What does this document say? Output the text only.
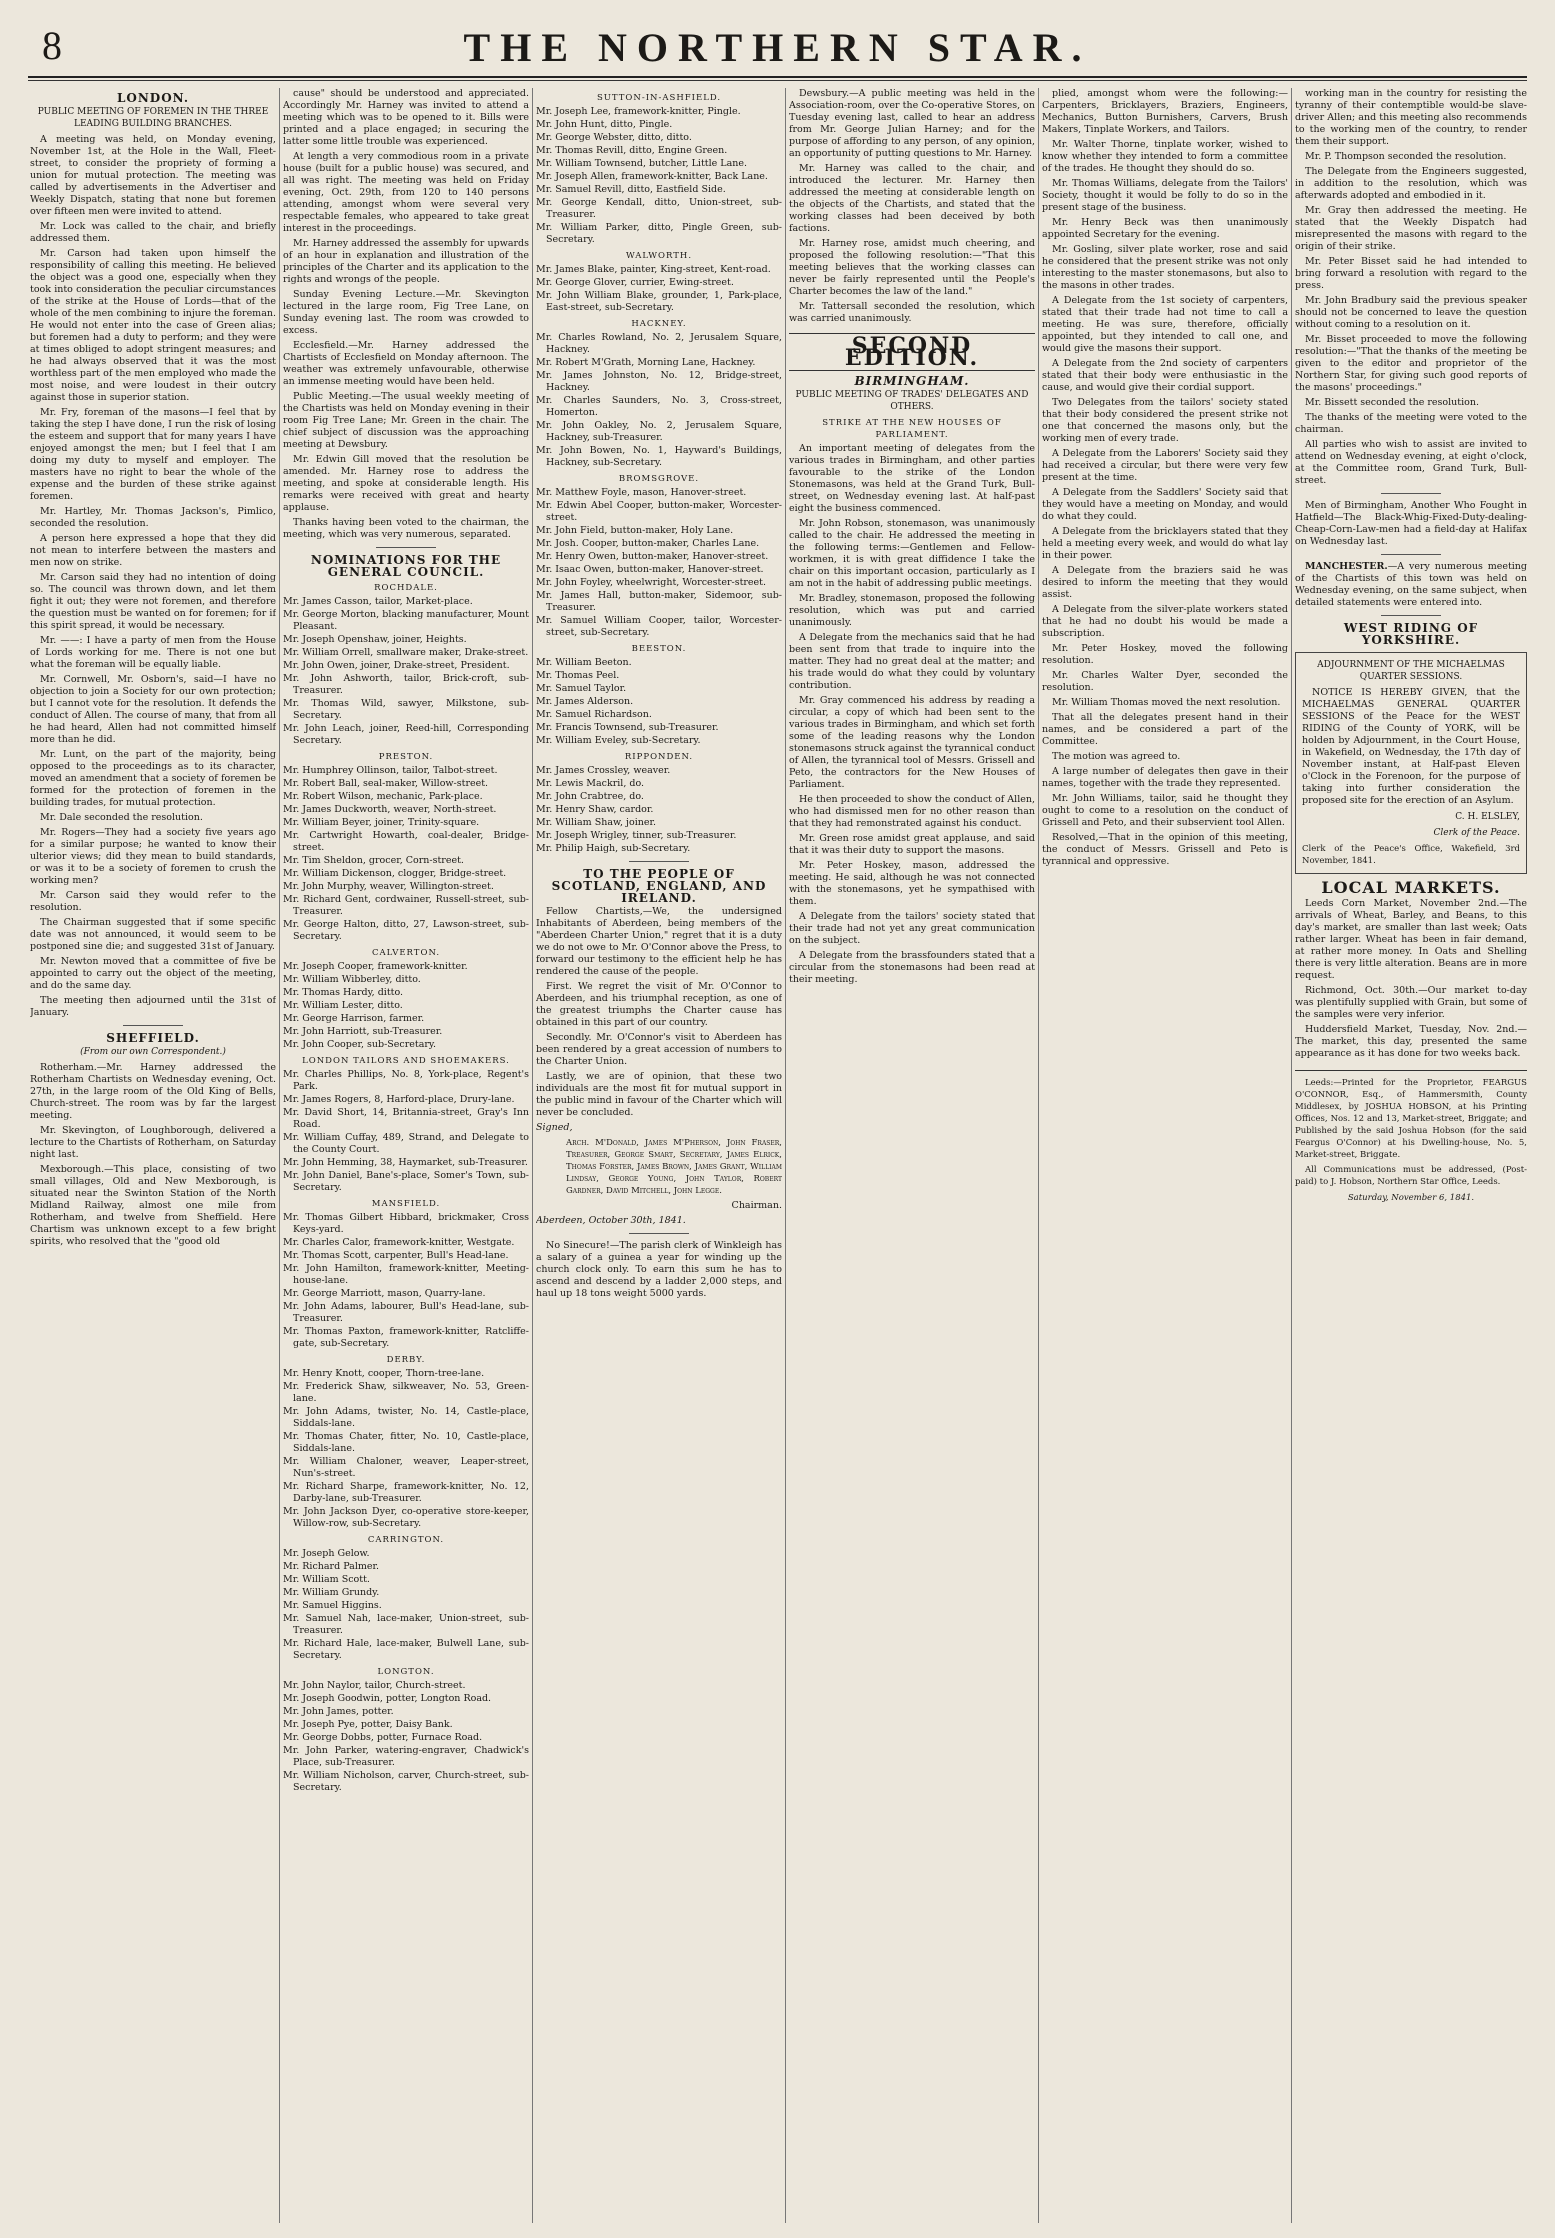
8	THE NORTHERN STAR.
LONDON.
PUBLIC MEETING OF FOREMEN IN THE THREE LEADING BUILDING BRANCHES.

A meeting was held, on Monday evening, November 1st, at the Hole in the Wall, Fleet-street, to consider the propriety of forming a union for mutual protection. The meeting was called by advertisements in the Advertiser and Weekly Dispatch, stating that none but foremen over fifteen men were invited to attend.

Mr. Lock was called to the chair, and briefly addressed them.

Mr. Carson had taken upon himself the responsibility of calling this meeting. He believed the object was a good one, especially when they took into consideration the peculiar circumstances of the strike at the House of Lords—that of the whole of the men combining to injure the foreman. He would not enter into the case of Green alias; but foremen had a duty to perform; and they were at times obliged to adopt stringent measures; and he had always observed that it was the most worthless part of the men employed who made the most noise, and were loudest in their outcry against those in superior station.

Mr. Fry, foreman of the masons—I feel that by taking the step I have done, I run the risk of losing the esteem and support that for many years I have enjoyed amongst the men; but I feel that I am doing my duty to myself and employer. The masters have no right to bear the whole of the expense and the burden of these strike against foremen.

Mr. Hartley, Mr. Thomas Jackson's, Pimlico, seconded the resolution.

A person here expressed a hope that they did not mean to interfere between the masters and men now on strike.

Mr. Carson said they had no intention of doing so. The council was thrown down, and let them fight it out; they were not foremen, and therefore the question must be wanted on for foremen; for if this spirit spread, it would be necessary.

Mr. ——: I have a party of men from the House of Lords working for me. There is not one but what the foreman will be equally liable.

Mr. Cornwell, Mr. Osborn's, said—I have no objection to join a Society for our own protection; but I cannot vote for the resolution. It defends the conduct of Allen. The course of many, that from all he had heard, Allen had not committed himself more than he did.

Mr. Lunt, on the part of the majority, being opposed to the proceedings as to its character, moved an amendment that a society of foremen be formed for the protection of foremen in the building trades, for mutual protection.

Mr. Dale seconded the resolution.

Mr. Rogers—They had a society five years ago for a similar purpose; he wanted to know their ulterior views; did they mean to build standards, or was it to be a society of foremen to crush the working men?

Mr. Carson said they would refer to the resolution.

The Chairman suggested that if some specific date was not announced, it would seem to be postponed sine die; and suggested 31st of January.

Mr. Newton moved that a committee of five be appointed to carry out the object of the meeting, and do the same day.

The meeting then adjourned until the 31st of January.

SHEFFIELD.
(From our own Correspondent.)

Rotherham.—Mr. Harney addressed the Rotherham Chartists on Wednesday evening, Oct. 27th, in the large room of the Old King of Bells, Church-street. The room was by far the largest meeting.

Mr. Skevington, of Loughborough, delivered a lecture to the Chartists of Rotherham, on Saturday night last.

Mexborough.—This place, consisting of two small villages, Old and New Mexborough, is situated near the Swinton Station of the North Midland Railway, almost one mile from Rotherham, and twelve from Sheffield. Here Chartism was unknown except to a few bright spirits, who resolved that the "good old

cause" should be understood and appreciated. Accordingly Mr. Harney was invited to attend a meeting which was to be opened to it. Bills were printed and a place engaged; in securing the latter some little trouble was experienced.

At length a very commodious room in a private house (built for a public house) was secured, and all was right. The meeting was held on Friday evening, Oct. 29th, from 120 to 140 persons attending, amongst whom were several very respectable females, who appeared to take great interest in the proceedings.

Mr. Harney addressed the assembly for upwards of an hour in explanation and illustration of the principles of the Charter and its application to the rights and wrongs of the people.

Sunday Evening Lecture.—Mr. Skevington lectured in the large room, Fig Tree Lane, on Sunday evening last. The room was crowded to excess.

Ecclesfield.—Mr. Harney addressed the Chartists of Ecclesfield on Monday afternoon. The weather was extremely unfavourable, otherwise an immense meeting would have been held.

Public Meeting.—The usual weekly meeting of the Chartists was held on Monday evening in their room Fig Tree Lane; Mr. Green in the chair. The chief subject of discussion was the approaching meeting at Dewsbury.

Mr. Edwin Gill moved that the resolution be amended. Mr. Harney rose to address the meeting, and spoke at considerable length. His remarks were received with great and hearty applause.

Thanks having been voted to the chairman, the meeting, which was very numerous, separated.

NOMINATIONS FOR THE GENERAL COUNCIL.
ROCHDALE.

Mr. James Casson, tailor, Market-place.

Mr. George Morton, blacking manufacturer, Mount Pleasant.

Mr. Joseph Openshaw, joiner, Heights.

Mr. William Orrell, smallware maker, Drake-street.

Mr. John Owen, joiner, Drake-street, President.

Mr. John Ashworth, tailor, Brick-croft, sub-Treasurer.

Mr. Thomas Wild, sawyer, Milkstone, sub-Secretary.

Mr. John Leach, joiner, Reed-hill, Corresponding Secretary.

PRESTON.

Mr. Humphrey Ollinson, tailor, Talbot-street.

Mr. Robert Ball, seal-maker, Willow-street.

Mr. Robert Wilson, mechanic, Park-place.

Mr. James Duckworth, weaver, North-street.

Mr. William Beyer, joiner, Trinity-square.

Mr. Cartwright Howarth, coal-dealer, Bridge-street.

Mr. Tim Sheldon, grocer, Corn-street.

Mr. William Dickenson, clogger, Bridge-street.

Mr. John Murphy, weaver, Willington-street.

Mr. Richard Gent, cordwainer, Russell-street, sub-Treasurer.

Mr. George Halton, ditto, 27, Lawson-street, sub-Secretary.

CALVERTON.

Mr. Joseph Cooper, framework-knitter.

Mr. William Wibberley, ditto.

Mr. Thomas Hardy, ditto.

Mr. William Lester, ditto.

Mr. George Harrison, farmer.

Mr. John Harriott, sub-Treasurer.

Mr. John Cooper, sub-Secretary.

LONDON TAILORS AND SHOEMAKERS.

Mr. Charles Phillips, No. 8, York-place, Regent's Park.

Mr. James Rogers, 8, Harford-place, Drury-lane.

Mr. David Short, 14, Britannia-street, Gray's Inn Road.

Mr. William Cuffay, 489, Strand, and Delegate to the County Court.

Mr. John Hemming, 38, Haymarket, sub-Treasurer.

Mr. John Daniel, Bane's-place, Somer's Town, sub-Secretary.

MANSFIELD.

Mr. Thomas Gilbert Hibbard, brickmaker, Cross Keys-yard.

Mr. Charles Calor, framework-knitter, Westgate.

Mr. Thomas Scott, carpenter, Bull's Head-lane.

Mr. John Hamilton, framework-knitter, Meeting-house-lane.

Mr. George Marriott, mason, Quarry-lane.

Mr. John Adams, labourer, Bull's Head-lane, sub-Treasurer.

Mr. Thomas Paxton, framework-knitter, Ratcliffe-gate, sub-Secretary.

DERBY.

Mr. Henry Knott, cooper, Thorn-tree-lane.

Mr. Frederick Shaw, silkweaver, No. 53, Green-lane.

Mr. John Adams, twister, No. 14, Castle-place, Siddals-lane.

Mr. Thomas Chater, fitter, No. 10, Castle-place, Siddals-lane.

Mr. William Chaloner, weaver, Leaper-street, Nun's-street.

Mr. Richard Sharpe, framework-knitter, No. 12, Darby-lane, sub-Treasurer.

Mr. John Jackson Dyer, co-operative store-keeper, Willow-row, sub-Secretary.

CARRINGTON.

Mr. Joseph Gelow.

Mr. Richard Palmer.

Mr. William Scott.

Mr. William Grundy.

Mr. Samuel Higgins.

Mr. Samuel Nah, lace-maker, Union-street, sub-Treasurer.

Mr. Richard Hale, lace-maker, Bulwell Lane, sub-Secretary.

LONGTON.

Mr. John Naylor, tailor, Church-street.

Mr. Joseph Goodwin, potter, Longton Road.

Mr. John James, potter.

Mr. Joseph Pye, potter, Daisy Bank.

Mr. George Dobbs, potter, Furnace Road.

Mr. John Parker, watering-engraver, Chadwick's Place, sub-Treasurer.

Mr. William Nicholson, carver, Church-street, sub-Secretary.

SUTTON-IN-ASHFIELD.

Mr. Joseph Lee, framework-knitter, Pingle.

Mr. John Hunt, ditto, Pingle.

Mr. George Webster, ditto, ditto.

Mr. Thomas Revill, ditto, Engine Green.

Mr. William Townsend, butcher, Little Lane.

Mr. Joseph Allen, framework-knitter, Back Lane.

Mr. Samuel Revill, ditto, Eastfield Side.

Mr. George Kendall, ditto, Union-street, sub-Treasurer.

Mr. William Parker, ditto, Pingle Green, sub-Secretary.

WALWORTH.

Mr. James Blake, painter, King-street, Kent-road.

Mr. George Glover, currier, Ewing-street.

Mr. John William Blake, grounder, 1, Park-place, East-street, sub-Secretary.

HACKNEY.

Mr. Charles Rowland, No. 2, Jerusalem Square, Hackney.

Mr. Robert M'Grath, Morning Lane, Hackney.

Mr. James Johnston, No. 12, Bridge-street, Hackney.

Mr. Charles Saunders, No. 3, Cross-street, Homerton.

Mr. John Oakley, No. 2, Jerusalem Square, Hackney, sub-Treasurer.

Mr. John Bowen, No. 1, Hayward's Buildings, Hackney, sub-Secretary.

BROMSGROVE.

Mr. Matthew Foyle, mason, Hanover-street.

Mr. Edwin Abel Cooper, button-maker, Worcester-street.

Mr. John Field, button-maker, Holy Lane.

Mr. Josh. Cooper, button-maker, Charles Lane.

Mr. Henry Owen, button-maker, Hanover-street.

Mr. Isaac Owen, button-maker, Hanover-street.

Mr. John Foyley, wheelwright, Worcester-street.

Mr. James Hall, button-maker, Sidemoor, sub-Treasurer.

Mr. Samuel William Cooper, tailor, Worcester-street, sub-Secretary.

BEESTON.

Mr. William Beeton.

Mr. Thomas Peel.

Mr. Samuel Taylor.

Mr. James Alderson.

Mr. Samuel Richardson.

Mr. Francis Townsend, sub-Treasurer.

Mr. William Eveley, sub-Secretary.

RIPPONDEN.

Mr. James Crossley, weaver.

Mr. Lewis Mackril, do.

Mr. John Crabtree, do.

Mr. Henry Shaw, cardor.

Mr. William Shaw, joiner.

Mr. Joseph Wrigley, tinner, sub-Treasurer.

Mr. Philip Haigh, sub-Secretary.

TO THE PEOPLE OF SCOTLAND, ENGLAND, AND IRELAND.

Fellow Chartists,—We, the undersigned Inhabitants of Aberdeen, being members of the "Aberdeen Charter Union," regret that it is a duty we do not owe to Mr. O'Connor above the Press, to forward our testimony to the efficient help he has rendered the cause of the people.

First. We regret the visit of Mr. O'Connor to Aberdeen, and his triumphal reception, as one of the greatest triumphs the Charter cause has obtained in this part of our country.

Secondly. Mr. O'Connor's visit to Aberdeen has been rendered by a great accession of numbers to the Charter Union.

Lastly, we are of opinion, that these two individuals are the most fit for mutual support in the public mind in favour of the Charter which will never be concluded.

Signed,

Arch. M'Donald, James M'Pherson, John Fraser, Treasurer, George Smart, Secretary, James Elrick, Thomas Forster, James Brown, James Grant, William Lindsay, George Young, John Taylor, Robert Gardner, David Mitchell, John Legge.

Chairman.

Aberdeen, October 30th, 1841.

No Sinecure!—The parish clerk of Winkleigh has a salary of a guinea a year for winding up the church clock only. To earn this sum he has to ascend and descend by a ladder 2,000 steps, and haul up 18 tons weight 5000 yards.

Dewsbury.—A public meeting was held in the Association-room, over the Co-operative Stores, on Tuesday evening last, called to hear an address from Mr. George Julian Harney; and for the purpose of affording to any person, of any opinion, an opportunity of putting questions to Mr. Harney.

Mr. Harney was called to the chair, and introduced the lecturer. Mr. Harney then addressed the meeting at considerable length on the objects of the Chartists, and stated that the working classes had been deceived by both factions.

Mr. Harney rose, amidst much cheering, and proposed the following resolution:—"That this meeting believes that the working classes can never be fairly represented until the People's Charter becomes the law of the land."

Mr. Tattersall seconded the resolution, which was carried unanimously.

SECOND EDITION.
BIRMINGHAM.
PUBLIC MEETING OF TRADES' DELEGATES AND OTHERS.
STRIKE AT THE NEW HOUSES OF PARLIAMENT.

An important meeting of delegates from the various trades in Birmingham, and other parties favourable to the strike of the London Stonemasons, was held at the Grand Turk, Bull-street, on Wednesday evening last. At half-past eight the business commenced.

Mr. John Robson, stonemason, was unanimously called to the chair. He addressed the meeting in the following terms:—Gentlemen and Fellow-workmen, it is with great diffidence I take the chair on this important occasion, particularly as I am not in the habit of addressing public meetings.

Mr. Bradley, stonemason, proposed the following resolution, which was put and carried unanimously.

A Delegate from the mechanics said that he had been sent from that trade to inquire into the matter. They had no great deal at the matter; and his trade would do what they could by voluntary contribution.

Mr. Gray commenced his address by reading a circular, a copy of which had been sent to the various trades in Birmingham, and which set forth some of the leading reasons why the London stonemasons struck against the tyrannical conduct of Allen, the tyrannical tool of Messrs. Grissell and Peto, the contractors for the New Houses of Parliament.

He then proceeded to show the conduct of Allen, who had dismissed men for no other reason than that they had remonstrated against his conduct.

Mr. Green rose amidst great applause, and said that it was their duty to support the masons.

Mr. Peter Hoskey, mason, addressed the meeting. He said, although he was not connected with the stonemasons, yet he sympathised with them.

A Delegate from the tailors' society stated that their trade had not yet any great communication on the subject.

A Delegate from the brassfounders stated that a circular from the stonemasons had been read at their meeting.

plied, amongst whom were the following:—Carpenters, Bricklayers, Braziers, Engineers, Mechanics, Button Burnishers, Carvers, Brush Makers, Tinplate Workers, and Tailors.

Mr. Walter Thorne, tinplate worker, wished to know whether they intended to form a committee of the trades. He thought they should do so.

Mr. Thomas Williams, delegate from the Tailors' Society, thought it would be folly to do so in the present stage of the business.

Mr. Henry Beck was then unanimously appointed Secretary for the evening.

Mr. Gosling, silver plate worker, rose and said he considered that the present strike was not only interesting to the master stonemasons, but also to the masons in other trades.

A Delegate from the 1st society of carpenters, stated that their trade had not time to call a meeting. He was sure, therefore, officially appointed, but they intended to call one, and would give the masons their support.

A Delegate from the 2nd society of carpenters stated that their body were enthusiastic in the cause, and would give their cordial support.

Two Delegates from the tailors' society stated that their body considered the present strike not one that concerned the masons only, but the working men of every trade.

A Delegate from the Laborers' Society said they had received a circular, but there were very few present at the time.

A Delegate from the Saddlers' Society said that they would have a meeting on Monday, and would do what they could.

A Delegate from the bricklayers stated that they held a meeting every week, and would do what lay in their power.

A Delegate from the braziers said he was desired to inform the meeting that they would assist.

A Delegate from the silver-plate workers stated that he had no doubt his would be made a subscription.

Mr. Peter Hoskey, moved the following resolution.

Mr. Charles Walter Dyer, seconded the resolution.

Mr. William Thomas moved the next resolution.

That all the delegates present hand in their names, and be considered a part of the Committee.

The motion was agreed to.

A large number of delegates then gave in their names, together with the trade they represented.

Mr. John Williams, tailor, said he thought they ought to come to a resolution on the conduct of Grissell and Peto, and their subservient tool Allen.

Resolved,—That in the opinion of this meeting, the conduct of Messrs. Grissell and Peto is tyrannical and oppressive.

working man in the country for resisting the tyranny of their contemptible would-be slave-driver Allen; and this meeting also recommends to the working men of the country, to render them their support.

Mr. P. Thompson seconded the resolution.

The Delegate from the Engineers suggested, in addition to the resolution, which was afterwards adopted and embodied in it.

Mr. Gray then addressed the meeting. He stated that the Weekly Dispatch had misrepresented the masons with regard to the origin of their strike.

Mr. Peter Bisset said he had intended to bring forward a resolution with regard to the press.

Mr. John Bradbury said the previous speaker should not be concerned to leave the question without coming to a resolution on it.

Mr. Bisset proceeded to move the following resolution:—"That the thanks of the meeting be given to the editor and proprietor of the Northern Star, for giving such good reports of the masons' proceedings."

Mr. Bissett seconded the resolution.

The thanks of the meeting were voted to the chairman.

All parties who wish to assist are invited to attend on Wednesday evening, at eight o'clock, at the Committee room, Grand Turk, Bull-street.

Men of Birmingham, Another Who Fought in Hatfield—The Black-Whig-Fixed-Duty-dealing-Cheap-Corn-Law-men had a field-day at Halifax on Wednesday last.

MANCHESTER.—A very numerous meeting of the Chartists of this town was held on Wednesday evening, on the same subject, when detailed statements were entered into.

WEST RIDING OF YORKSHIRE.
ADJOURNMENT OF THE MICHAELMAS QUARTER SESSIONS.

NOTICE IS HEREBY GIVEN, that the MICHAELMAS GENERAL QUARTER SESSIONS of the Peace for the WEST RIDING of the County of YORK, will be holden by Adjournment, in the Court House, in Wakefield, on Wednesday, the 17th day of November instant, at Half-past Eleven o'Clock in the Forenoon, for the purpose of taking into further consideration the proposed site for the erection of an Asylum.

C. H. ELSLEY,
Clerk of the Peace.
Clerk of the Peace's Office, Wakefield, 3rd November, 1841.
LOCAL MARKETS.

Leeds Corn Market, November 2nd.—The arrivals of Wheat, Barley, and Beans, to this day's market, are smaller than last week; Oats rather larger. Wheat has been in fair demand, at rather more money. In Oats and Shelling there is very little alteration. Beans are in more request.

Richmond, Oct. 30th.—Our market to-day was plentifully supplied with Grain, but some of the samples were very inferior.

Huddersfield Market, Tuesday, Nov. 2nd.—The market, this day, presented the same appearance as it has done for two weeks back.

Leeds:—Printed for the Proprietor, FEARGUS O'CONNOR, Esq., of Hammersmith, County Middlesex, by JOSHUA HOBSON, at his Printing Offices, Nos. 12 and 13, Market-street, Briggate; and Published by the said Joshua Hobson (for the said Feargus O'Connor) at his Dwelling-house, No. 5, Market-street, Briggate.

All Communications must be addressed, (Post-paid) to J. Hobson, Northern Star Office, Leeds.

Saturday, November 6, 1841.
